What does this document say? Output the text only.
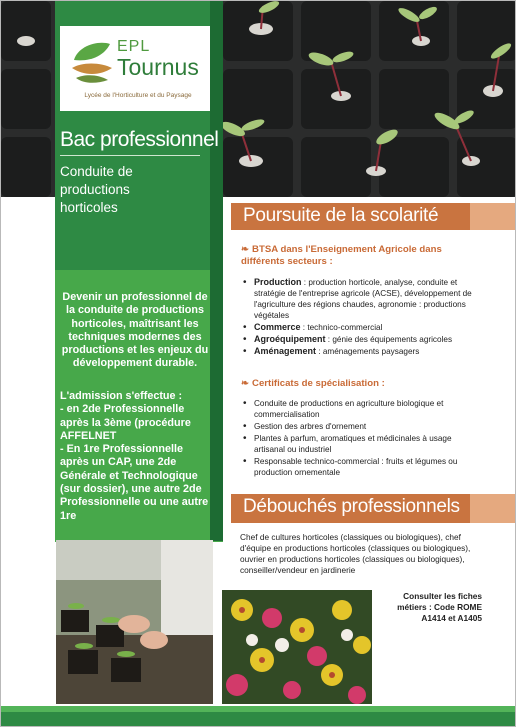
EPL
Tournus
Lycée de l'Horticulture et du Paysage
Bac professionnel
Conduite de
productions
horticoles
Devenir un professionnel de la conduite de productions horticoles, maîtrisant les techniques modernes des productions et les enjeux du développement durable.
L'admission s'effectue :
- en 2de Professionnelle après la 3ème (procédure AFFELNET
- En 1re Professionnelle après un CAP, une 2de Générale et Technologique (sur dossier), une autre 2de Professionnelle ou une autre 1re
Poursuite de la scolarité
❧ BTSA dans l'Enseignement Agricole dans différents secteurs :
• Production : production horticole, analyse, conduite et stratégie de l'entreprise agricole (ACSE), développement de l'agriculture des régions chaudes, agronomie : productions végétales
• Commerce : technico-commercial
• Agroéquipement : génie des équipements agricoles
• Aménagement : aménagements paysagers
❧ Certificats de spécialisation :
• Conduite de productions en agriculture biologique et commercialisation
• Gestion des arbres d'ornement
• Plantes à parfum, aromatiques et médicinales à usage artisanal ou industriel
• Responsable technico-commercial : fruits et légumes ou production ornementale
Débouchés professionnels
Chef de cultures horticoles (classiques ou biologiques), chef d'équipe en productions horticoles (classiques ou biologiques), ouvrier en productions horticoles (classiques ou biologiques), conseiller/vendeur en jardinerie
Consulter les fiches métiers : Code ROME A1414 et A1405
